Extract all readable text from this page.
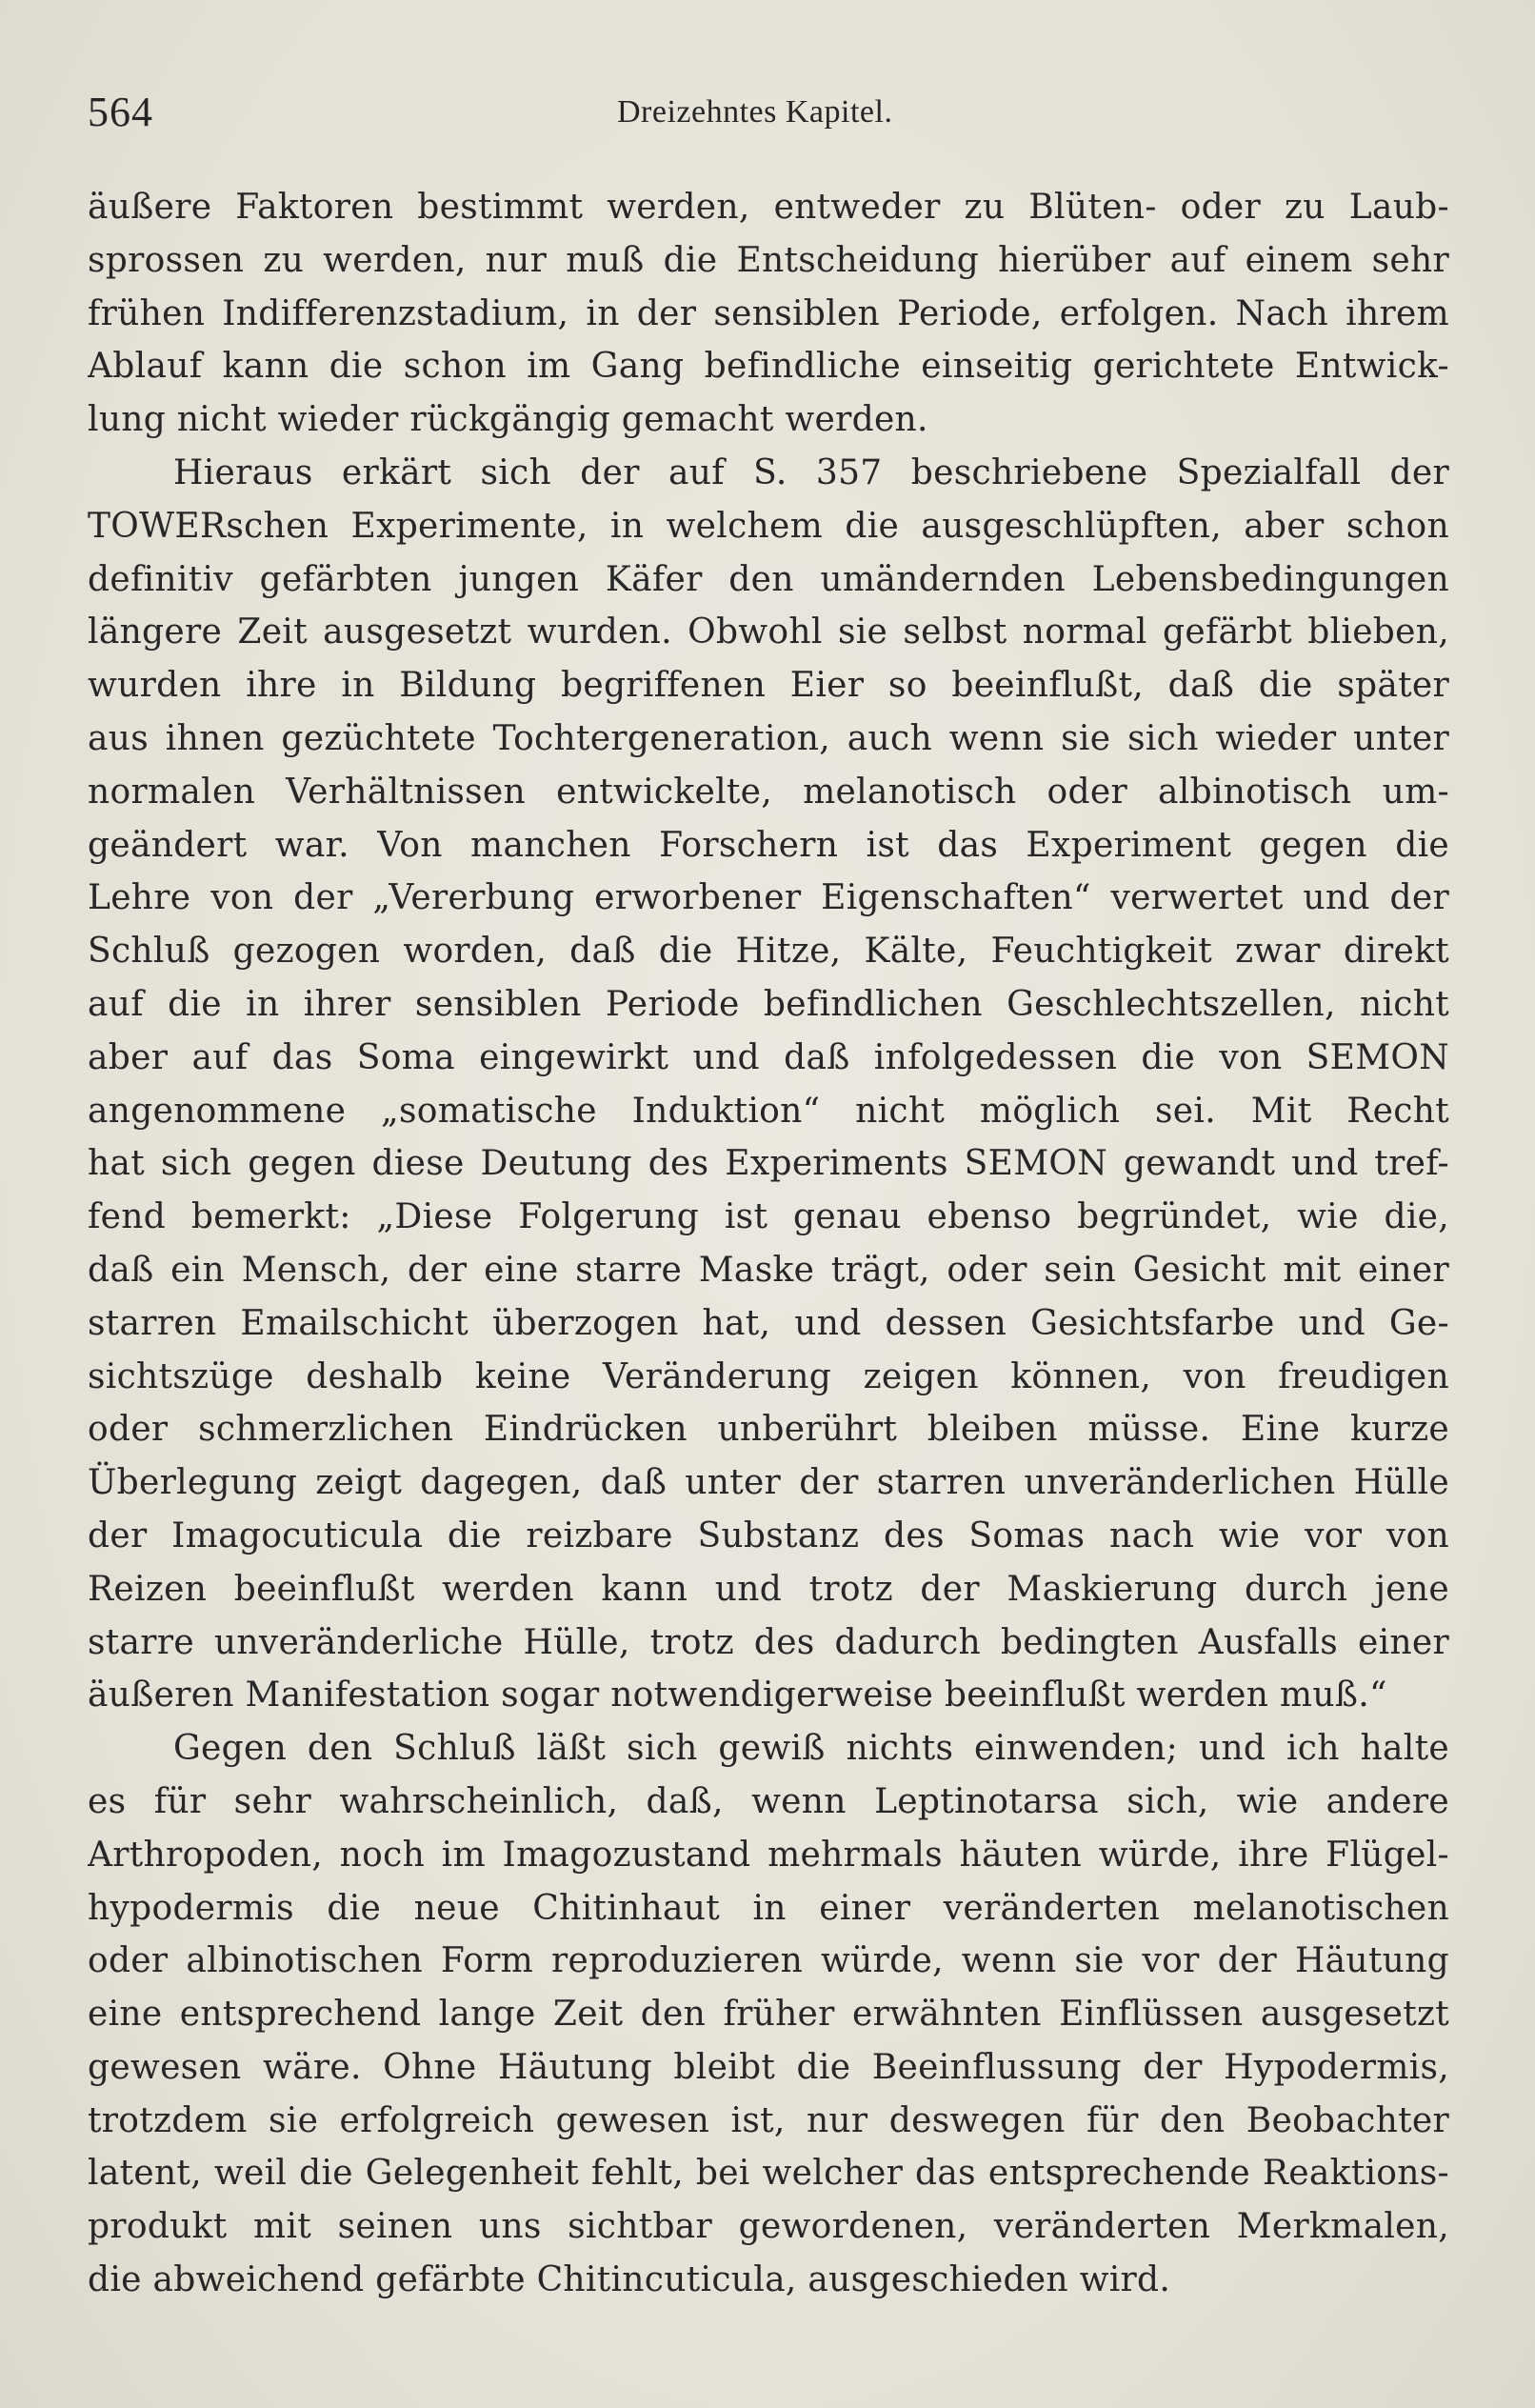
564	Dreizehntes Kapitel.
äußere Faktoren bestimmt werden, entweder zu Blüten- oder zu Laub-
sprossen zu werden, nur muß die Entscheidung hierüber auf einem sehr
frühen Indifferenzstadium, in der sensiblen Periode, erfolgen. Nach ihrem
Ablauf kann die schon im Gang befindliche einseitig gerichtete Entwick-
lung nicht wieder rückgängig gemacht werden.
Hieraus erkärt sich der auf S. 357 beschriebene Spezialfall der
TOWERschen Experimente, in welchem die ausgeschlüpften, aber schon
definitiv gefärbten jungen Käfer den umändernden Lebensbedingungen
längere Zeit ausgesetzt wurden. Obwohl sie selbst normal gefärbt blieben,
wurden ihre in Bildung begriffenen Eier so beeinflußt, daß die später
aus ihnen gezüchtete Tochtergeneration, auch wenn sie sich wieder unter
normalen Verhältnissen entwickelte, melanotisch oder albinotisch um-
geändert war. Von manchen Forschern ist das Experiment gegen die
Lehre von der „Vererbung erworbener Eigenschaften“ verwertet und der
Schluß gezogen worden, daß die Hitze, Kälte, Feuchtigkeit zwar direkt
auf die in ihrer sensiblen Periode befindlichen Geschlechtszellen, nicht
aber auf das Soma eingewirkt und daß infolgedessen die von SEMON
angenommene „somatische Induktion“ nicht möglich sei. Mit Recht
hat sich gegen diese Deutung des Experiments SEMON gewandt und tref-
fend bemerkt: „Diese Folgerung ist genau ebenso begründet, wie die,
daß ein Mensch, der eine starre Maske trägt, oder sein Gesicht mit einer
starren Emailschicht überzogen hat, und dessen Gesichtsfarbe und Ge-
sichtszüge deshalb keine Veränderung zeigen können, von freudigen
oder schmerzlichen Eindrücken unberührt bleiben müsse. Eine kurze
Überlegung zeigt dagegen, daß unter der starren unveränderlichen Hülle
der Imagocuticula die reizbare Substanz des Somas nach wie vor von
Reizen beeinflußt werden kann und trotz der Maskierung durch jene
starre unveränderliche Hülle, trotz des dadurch bedingten Ausfalls einer
äußeren Manifestation sogar notwendigerweise beeinflußt werden muß.“
Gegen den Schluß läßt sich gewiß nichts einwenden; und ich halte
es für sehr wahrscheinlich, daß, wenn Leptinotarsa sich, wie andere
Arthropoden, noch im Imagozustand mehrmals häuten würde, ihre Flügel-
hypodermis die neue Chitinhaut in einer veränderten melanotischen
oder albinotischen Form reproduzieren würde, wenn sie vor der Häutung
eine entsprechend lange Zeit den früher erwähnten Einflüssen ausgesetzt
gewesen wäre. Ohne Häutung bleibt die Beeinflussung der Hypodermis,
trotzdem sie erfolgreich gewesen ist, nur deswegen für den Beobachter
latent, weil die Gelegenheit fehlt, bei welcher das entsprechende Reaktions-
produkt mit seinen uns sichtbar gewordenen, veränderten Merkmalen,
die abweichend gefärbte Chitincuticula, ausgeschieden wird.
